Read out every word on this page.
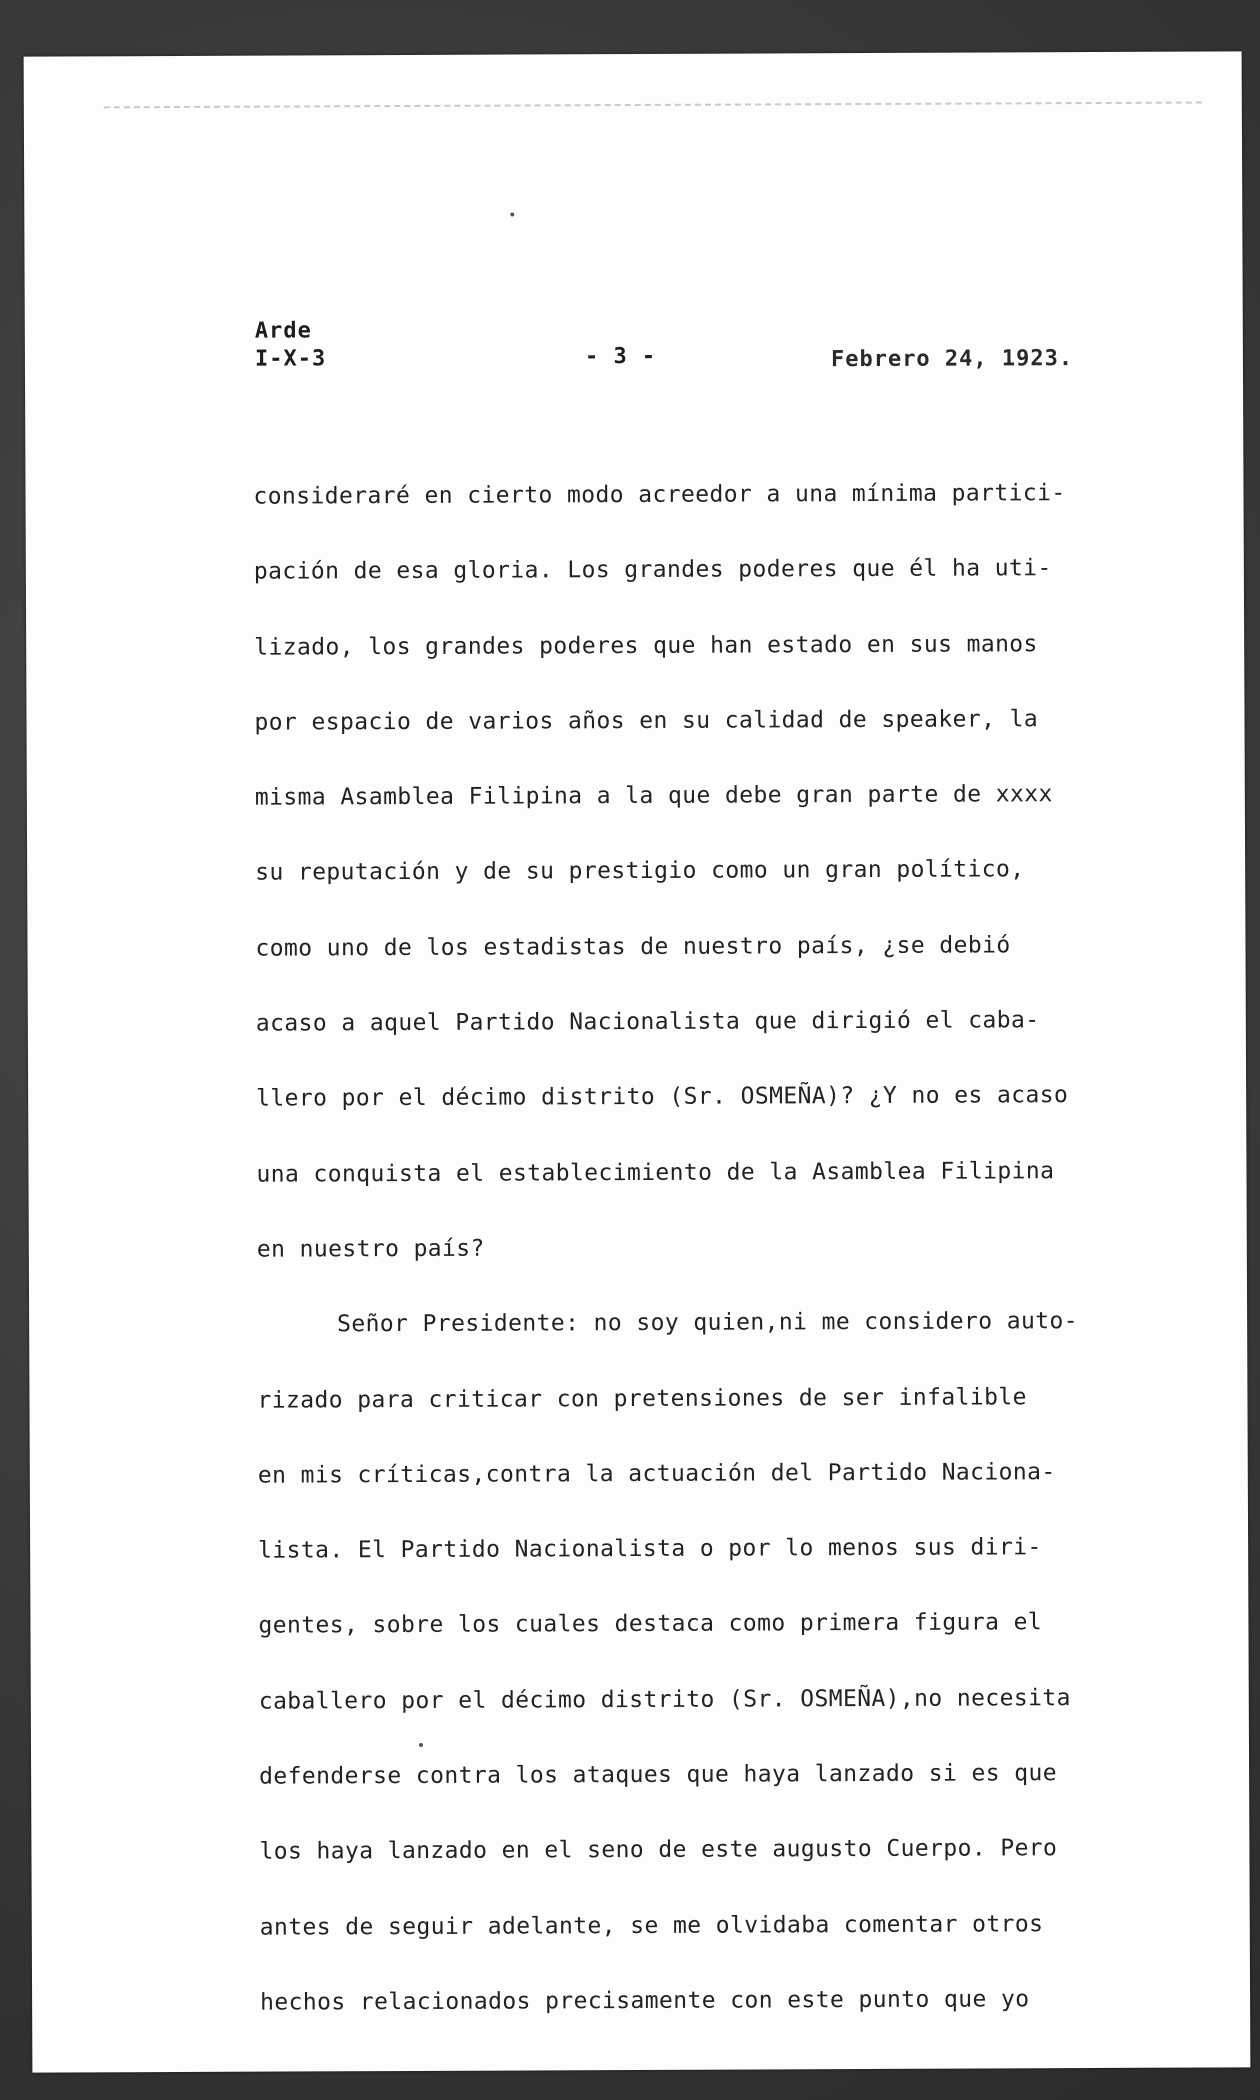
Arde
I-X-3	- 3 -	Febrero 24, 1923.
consideraré en cierto modo acreedor a una mínima partici-
pación de esa gloria. Los grandes poderes que él ha uti-
lizado, los grandes poderes que han estado en sus manos
por espacio de varios años en su calidad de speaker, la
misma Asamblea Filipina a la que debe gran parte de xxxx
su reputación y de su prestigio como un gran político,
como uno de los estadistas de nuestro país, ¿se debió
acaso a aquel Partido Nacionalista que dirigió el caba-
llero por el décimo distrito (Sr. OSMEÑA)? ¿Y no es acaso
una conquista el establecimiento de la Asamblea Filipina
en nuestro país?
Señor Presidente: no soy quien,ni me considero auto-
rizado para criticar con pretensiones de ser infalible
en mis críticas,contra la actuación del Partido Naciona-
lista. El Partido Nacionalista o por lo menos sus diri-
gentes, sobre los cuales destaca como primera figura el
caballero por el décimo distrito (Sr. OSMEÑA),no necesita
defenderse contra los ataques que haya lanzado si es que
los haya lanzado en el seno de este augusto Cuerpo. Pero
antes de seguir adelante, se me olvidaba comentar otros
hechos relacionados precisamente con este punto que yo
